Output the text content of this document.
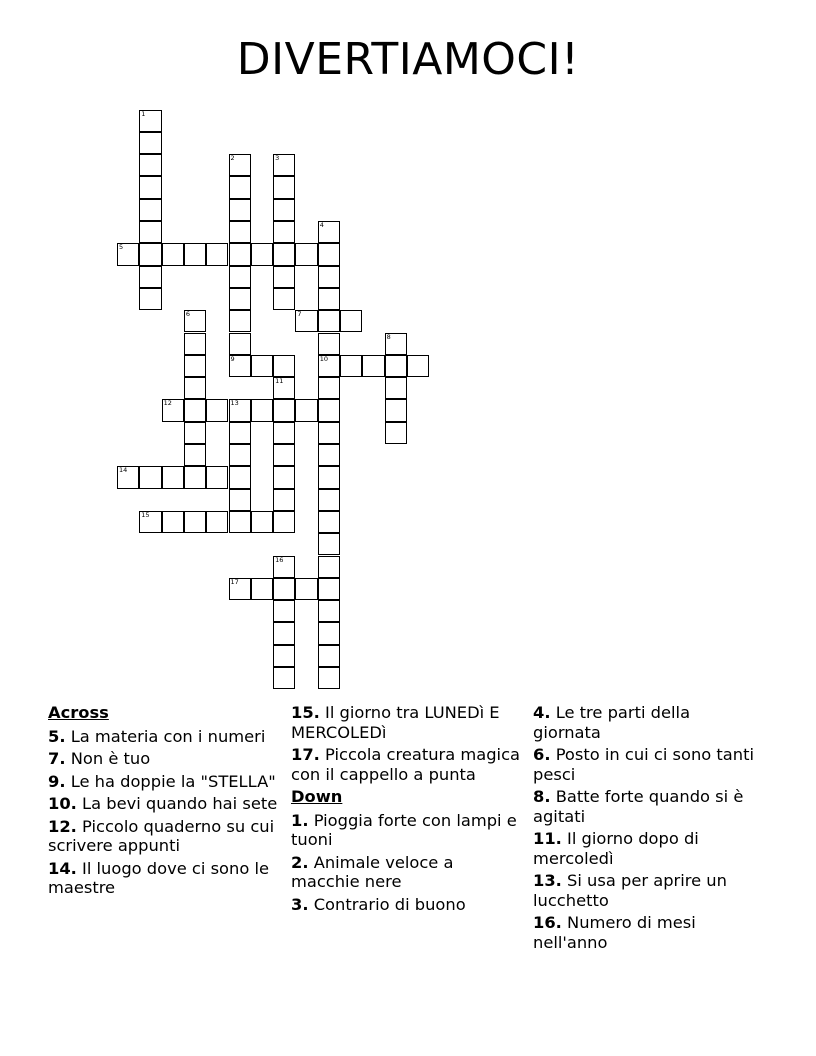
DIVERTIAMOCI!
1
2	3
4
10
5
6	7
8
9
11
12	13
14
15
16
17
Across
5. La materia con i numeri
7. Non è tuo
9. Le ha doppie la "STELLA"
10. La bevi quando hai sete
12. Piccolo quaderno su cui scrivere appunti
14. Il luogo dove ci sono le maestre
15. Il giorno tra LUNEDì E MERCOLEDì
17. Piccola creatura magica con il cappello a punta
Down
1. Pioggia forte con lampi e tuoni
2. Animale veloce a macchie nere
3. Contrario di buono
4. Le tre parti della giornata
6. Posto in cui ci sono tanti pesci
8. Batte forte quando si è agitati
11. Il giorno dopo di mercoledì
13. Si usa per aprire un lucchetto
16. Numero di mesi nell'anno
